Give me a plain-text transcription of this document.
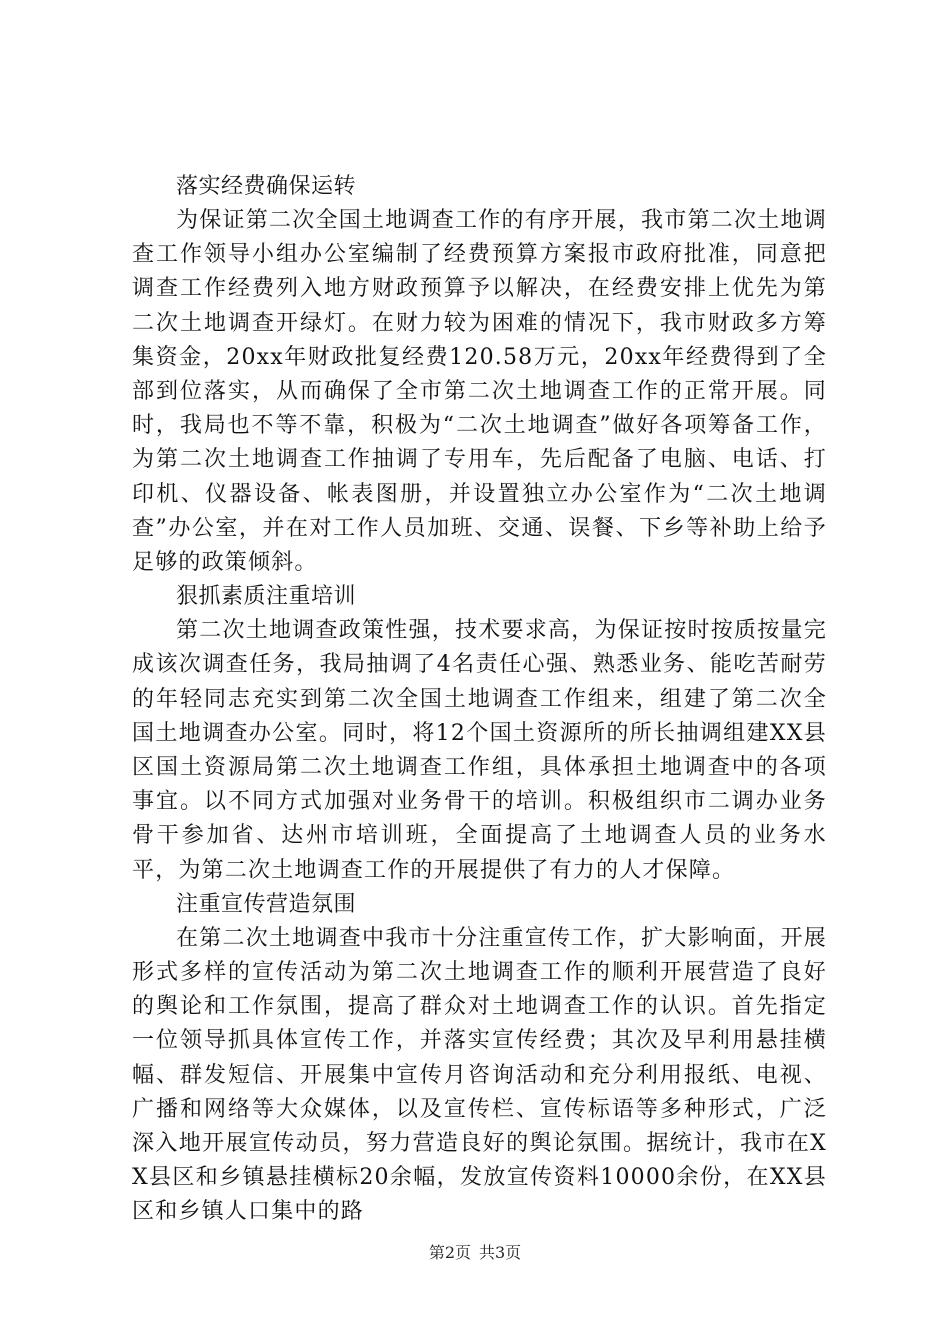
落实经费确保运转

为保证第二次全国土地调查工作的有序开展，我市第二次土地调查工作领导小组办公室编制了经费预算方案报市政府批准，同意把调查工作经费列入地方财政预算予以解决，在经费安排上优先为第二次土地调查开绿灯。在财力较为困难的情况下，我市财政多方筹集资金，20xx年财政批复经费120.58万元，20xx年经费得到了全部到位落实，从而确保了全市第二次土地调查工作的正常开展。同时，我局也不等不靠，积极为“二次土地调查”做好各项筹备工作，为第二次土地调查工作抽调了专用车，先后配备了电脑、电话、打印机、仪器设备、帐表图册，并设置独立办公室作为“二次土地调查”办公室，并在对工作人员加班、交通、误餐、下乡等补助上给予足够的政策倾斜。

狠抓素质注重培训

第二次土地调查政策性强，技术要求高，为保证按时按质按量完成该次调查任务，我局抽调了4名责任心强、熟悉业务、能吃苦耐劳的年轻同志充实到第二次全国土地调查工作组来，组建了第二次全国土地调查办公室。同时，将12个国土资源所的所长抽调组建XX县区国土资源局第二次土地调查工作组，具体承担土地调查中的各项事宜。以不同方式加强对业务骨干的培训。积极组织市二调办业务骨干参加省、达州市培训班，全面提高了土地调查人员的业务水平，为第二次土地调查工作的开展提供了有力的人才保障。

注重宣传营造氛围

在第二次土地调查中我市十分注重宣传工作，扩大影响面，开展形式多样的宣传活动为第二次土地调查工作的顺利开展营造了良好的舆论和工作氛围，提高了群众对土地调查工作的认识。首先指定一位领导抓具体宣传工作，并落实宣传经费；其次及早利用悬挂横幅、群发短信、开展集中宣传月咨询活动和充分利用报纸、电视、广播和网络等大众媒体，以及宣传栏、宣传标语等多种形式，广泛深入地开展宣传动员，努力营造良好的舆论氛围。据统计，我市在XX县区和乡镇悬挂横标20余幅，发放宣传资料10000余份，在XX县区和乡镇人口集中的路

第2页 共3页
